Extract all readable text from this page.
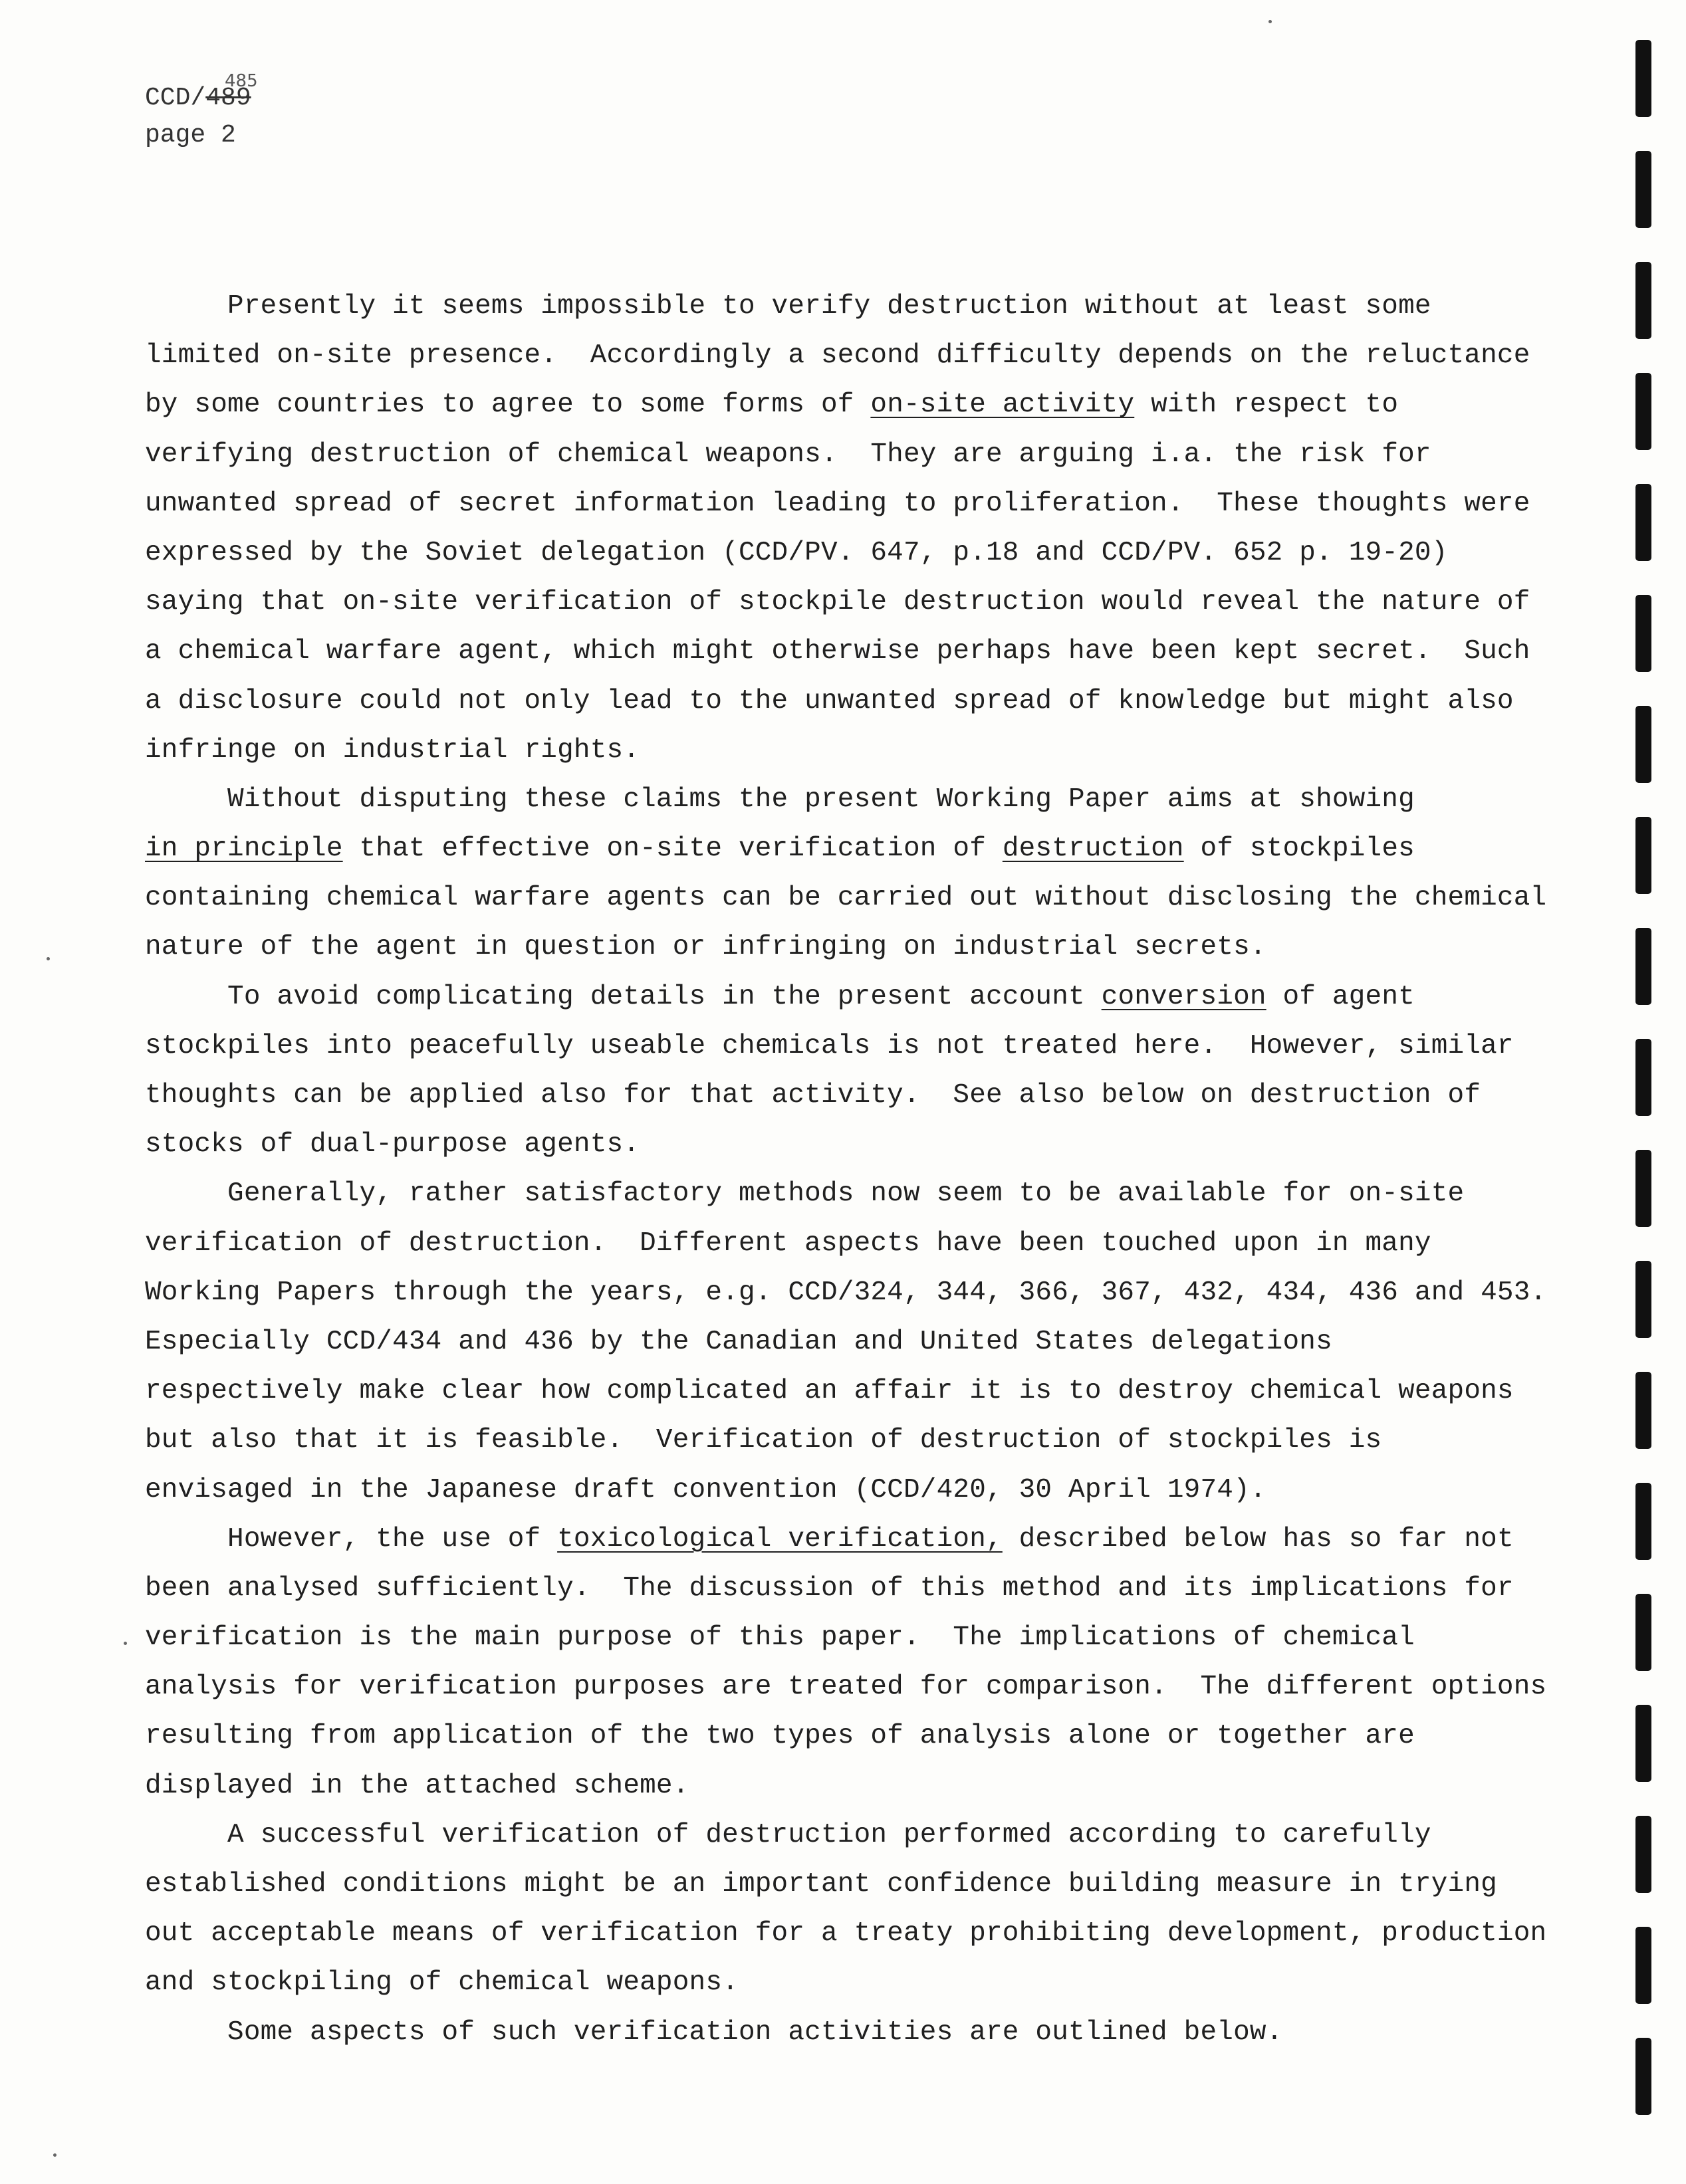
485
CCD/489
page 2
Presently it seems impossible to verify destruction without at least some
limited on-site presence.  Accordingly a second difficulty depends on the reluctance
by some countries to agree to some forms of on-site activity with respect to
verifying destruction of chemical weapons.  They are arguing i.a. the risk for
unwanted spread of secret information leading to proliferation.  These thoughts were
expressed by the Soviet delegation (CCD/PV. 647, p.18 and CCD/PV. 652 p. 19-20)
saying that on-site verification of stockpile destruction would reveal the nature of
a chemical warfare agent, which might otherwise perhaps have been kept secret.  Such
a disclosure could not only lead to the unwanted spread of knowledge but might also
infringe on industrial rights.
Without disputing these claims the present Working Paper aims at showing
in principle that effective on-site verification of destruction of stockpiles
containing chemical warfare agents can be carried out without disclosing the chemical
nature of the agent in question or infringing on industrial secrets.
To avoid complicating details in the present account conversion of agent
stockpiles into peacefully useable chemicals is not treated here.  However, similar
thoughts can be applied also for that activity.  See also below on destruction of
stocks of dual-purpose agents.
Generally, rather satisfactory methods now seem to be available for on-site
verification of destruction.  Different aspects have been touched upon in many
Working Papers through the years, e.g. CCD/324, 344, 366, 367, 432, 434, 436 and 453.
Especially CCD/434 and 436 by the Canadian and United States delegations
respectively make clear how complicated an affair it is to destroy chemical weapons
but also that it is feasible.  Verification of destruction of stockpiles is
envisaged in the Japanese draft convention (CCD/420, 30 April 1974).
However, the use of toxicological verification, described below has so far not
been analysed sufficiently.  The discussion of this method and its implications for
verification is the main purpose of this paper.  The implications of chemical
analysis for verification purposes are treated for comparison.  The different options
resulting from application of the two types of analysis alone or together are
displayed in the attached scheme.
A successful verification of destruction performed according to carefully
established conditions might be an important confidence building measure in trying
out acceptable means of verification for a treaty prohibiting development, production
and stockpiling of chemical weapons.
Some aspects of such verification activities are outlined below.
